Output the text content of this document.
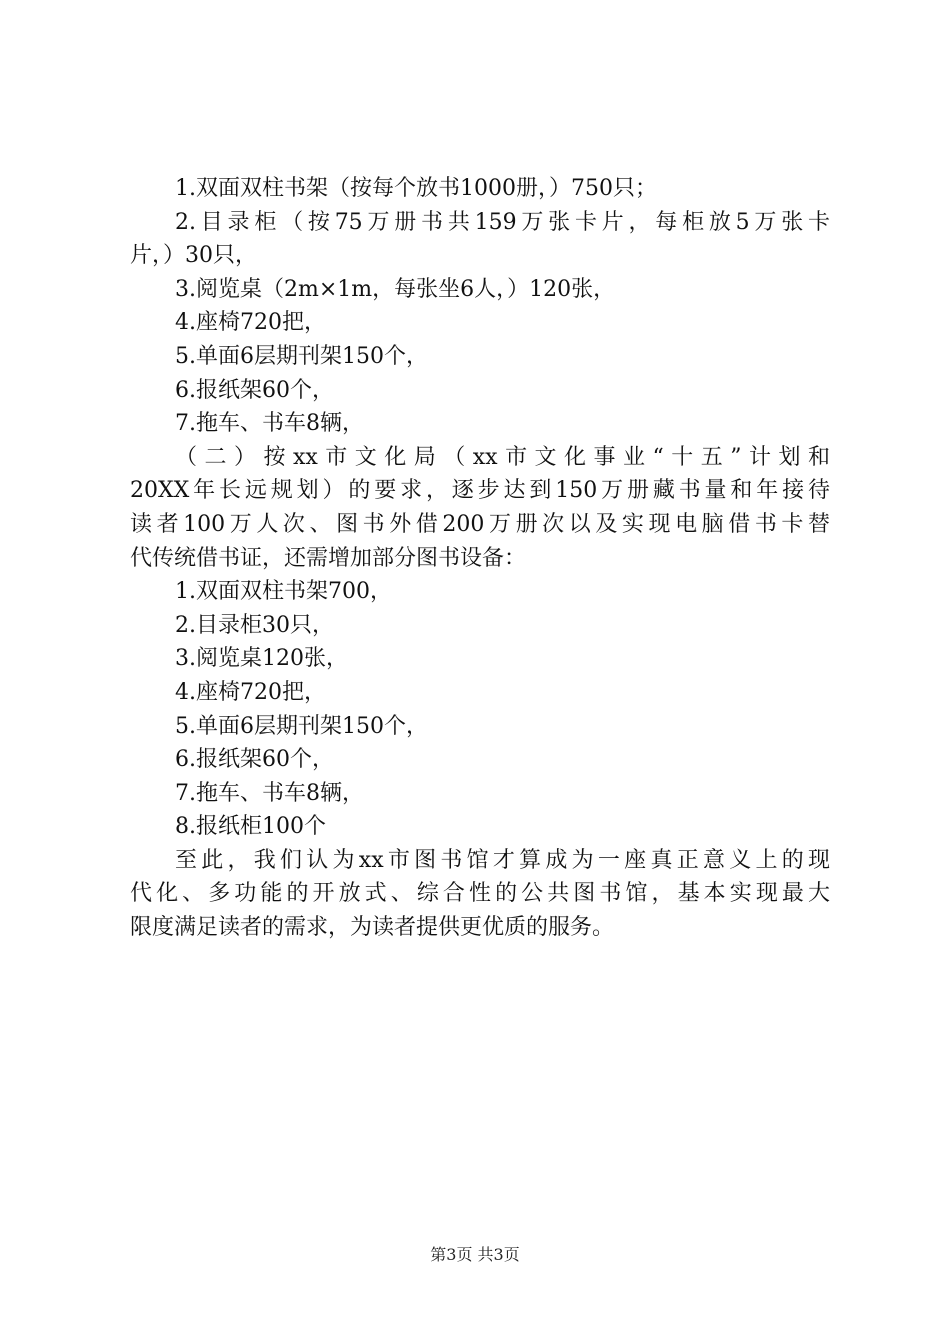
1.双面双柱书架（按每个放书1000册，）750只；
2.目录柜（按75万册书共159万张卡片，每柜放5万张卡
片，）30只，
3.阅览桌（2m×1m，每张坐6人，）120张，
4.座椅720把，
5.单面6层期刊架150个，
6.报纸架60个，
7.拖车、书车8辆，
（二）按xx市文化局（xx市文化事业“十五”计划和
20XX年长远规划）的要求，逐步达到150万册藏书量和年接待
读者100万人次、图书外借200万册次以及实现电脑借书卡替
代传统借书证，还需增加部分图书设备：
1.双面双柱书架700，
2.目录柜30只，
3.阅览桌120张，
4.座椅720把，
5.单面6层期刊架150个，
6.报纸架60个，
7.拖车、书车8辆，
8.报纸柜100个
至此，我们认为xx市图书馆才算成为一座真正意义上的现
代化、多功能的开放式、综合性的公共图书馆，基本实现最大
限度满足读者的需求，为读者提供更优质的服务。
第3页 共3页
